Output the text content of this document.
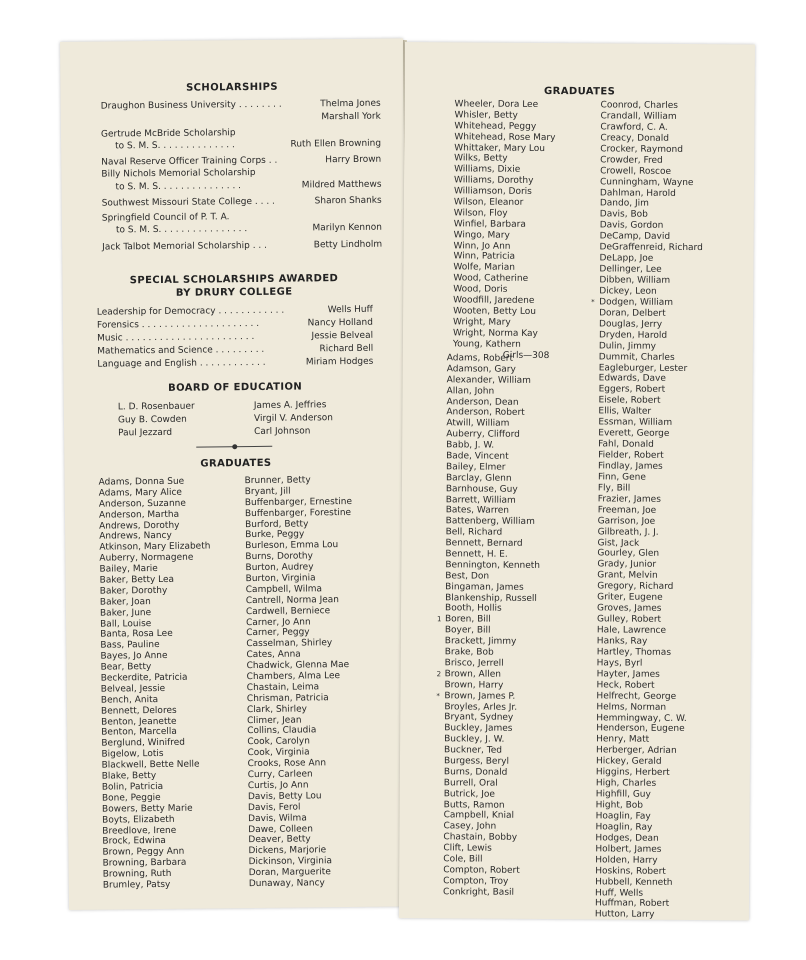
SCHOLARSHIPS
Draughon Business University . . . . . . . .	Thelma Jones
Marshall York
Gertrude McBride Scholarship
to S. M. S. . . . . . . . . . . . . .	Ruth Ellen Browning
Naval Reserve Officer Training Corps . .	Harry Brown
Billy Nichols Memorial Scholarship
to S. M. S. . . . . . . . . . . . . . .	Mildred Matthews
Southwest Missouri State College . . . .	Sharon Shanks
Springfield Council of P. T. A.
to S. M. S. . . . . . . . . . . . . . . .	Marilyn Kennon
Jack Talbot Memorial Scholarship . . .	Betty Lindholm
SPECIAL SCHOLARSHIPS AWARDED
BY DRURY COLLEGE
Leadership for Democracy . . . . . . . . . . . .	Wells Huff
Forensics . . . . . . . . . . . . . . . . . . . . .	Nancy Holland
Music . . . . . . . . . . . . . . . . . . . . . . .	Jessie Belveal
Mathematics and Science . . . . . . . . .	Richard Bell
Language and English . . . . . . . . . . . .	Miriam Hodges
BOARD OF EDUCATION
L. D. Rosenbauer
Guy B. Cowden
Paul Jezzard
James A. Jeffries
Virgil V. Anderson
Carl Johnson
GRADUATES
Adams, Donna Sue
Adams, Mary Alice
Anderson, Suzanne
Anderson, Martha
Andrews, Dorothy
Andrews, Nancy
Atkinson, Mary Elizabeth
Auberry, Normagene
Bailey, Marie
Baker, Betty Lea
Baker, Dorothy
Baker, Joan
Baker, June
Ball, Louise
Banta, Rosa Lee
Bass, Pauline
Bayes, Jo Anne
Bear, Betty
Beckerdite, Patricia
Belveal, Jessie
Bench, Anita
Bennett, Delores
Benton, Jeanette
Benton, Marcella
Berglund, Winifred
Bigelow, Lotis
Blackwell, Bette Nelle
Blake, Betty
Bolin, Patricia
Bone, Peggie
Bowers, Betty Marie
Boyts, Elizabeth
Breedlove, Irene
Brock, Edwina
Brown, Peggy Ann
Browning, Barbara
Browning, Ruth
Brumley, Patsy
Brunner, Betty
Bryant, Jill
Buffenbarger, Ernestine
Buffenbarger, Forestine
Burford, Betty
Burke, Peggy
Burleson, Emma Lou
Burns, Dorothy
Burton, Audrey
Burton, Virginia
Campbell, Wilma
Cantrell, Norma Jean
Cardwell, Berniece
Carner, Jo Ann
Carner, Peggy
Casselman, Shirley
Cates, Anna
Chadwick, Glenna Mae
Chambers, Alma Lee
Chastain, Leima
Chrisman, Patricia
Clark, Shirley
Climer, Jean
Collins, Claudia
Cook, Carolyn
Cook, Virginia
Crooks, Rose Ann
Curry, Carleen
Curtis, Jo Ann
Davis, Betty Lou
Davis, Ferol
Davis, Wilma
Dawe, Colleen
Deaver, Betty
Dickens, Marjorie
Dickinson, Virginia
Doran, Marguerite
Dunaway, Nancy
GRADUATES
Wheeler, Dora Lee
Whisler, Betty
Whitehead, Peggy
Whitehead, Rose Mary
Whittaker, Mary Lou
Wilks, Betty
Williams, Dixie
Williams, Dorothy
Williamson, Doris
Wilson, Eleanor
Wilson, Floy
Winfiel, Barbara
Wingo, Mary
Winn, Jo Ann
Winn, Patricia
Wolfe, Marian
Wood, Catherine
Wood, Doris
Woodfill, Jaredene
Wooten, Betty Lou
Wright, Mary
Wright, Norma Kay
Young, Kathern
Girls—308
Adams, Robert
Adamson, Gary
Alexander, William
Allan, John
Anderson, Dean
Anderson, Robert
Atwill, William
Auberry, Clifford
Babb, J. W.
Bade, Vincent
Bailey, Elmer
Barclay, Glenn
Barnhouse, Guy
Barrett, William
Bates, Warren
Battenberg, William
Bell, Richard
Bennett, Bernard
Bennett, H. E.
Bennington, Kenneth
Best, Don
Bingaman, James
Blankenship, Russell
Booth, Hollis
1 Boren, Bill
Boyer, Bill
Brackett, Jimmy
Brake, Bob
Brisco, Jerrell
2 Brown, Allen
Brown, Harry
* Brown, James P.
Broyles, Arles Jr.
Bryant, Sydney
Buckley, James
Buckley, J. W.
Buckner, Ted
Burgess, Beryl
Burns, Donald
Burrell, Oral
Butrick, Joe
Butts, Ramon
Campbell, Knial
Casey, John
Chastain, Bobby
Clift, Lewis
Cole, Bill
Compton, Robert
Compton, Troy
Conkright, Basil
Coonrod, Charles
Crandall, William
Crawford, C. A.
Creacy, Donald
Crocker, Raymond
Crowder, Fred
Crowell, Roscoe
Cunningham, Wayne
Dahlman, Harold
Dando, Jim
Davis, Bob
Davis, Gordon
DeCamp, David
DeGraffenreid, Richard
DeLapp, Joe
Dellinger, Lee
Dibben, William
Dickey, Leon
* Dodgen, William
Doran, Delbert
Douglas, Jerry
Dryden, Harold
Dulin, Jimmy
Dummit, Charles
Eagleburger, Lester
Edwards, Dave
Eggers, Robert
Eisele, Robert
Ellis, Walter
Essman, William
Everett, George
Fahl, Donald
Fielder, Robert
Findlay, James
Finn, Gene
Fly, Bill
Frazier, James
Freeman, Joe
Garrison, Joe
Gilbreath, J. J.
Gist, Jack
Gourley, Glen
Grady, Junior
Grant, Melvin
Gregory, Richard
Griter, Eugene
Groves, James
Gulley, Robert
Hale, Lawrence
Hanks, Ray
Hartley, Thomas
Hays, Byrl
Hayter, James
Heck, Robert
Helfrecht, George
Helms, Norman
Hemmingway, C. W.
Henderson, Eugene
Henry, Matt
Herberger, Adrian
Hickey, Gerald
Higgins, Herbert
High, Charles
Highfill, Guy
Hight, Bob
Hoaglin, Fay
Hoaglin, Ray
Hodges, Dean
Holbert, James
Holden, Harry
Hoskins, Robert
Hubbell, Kenneth
Huff, Wells
Huffman, Robert
Hutton, Larry
